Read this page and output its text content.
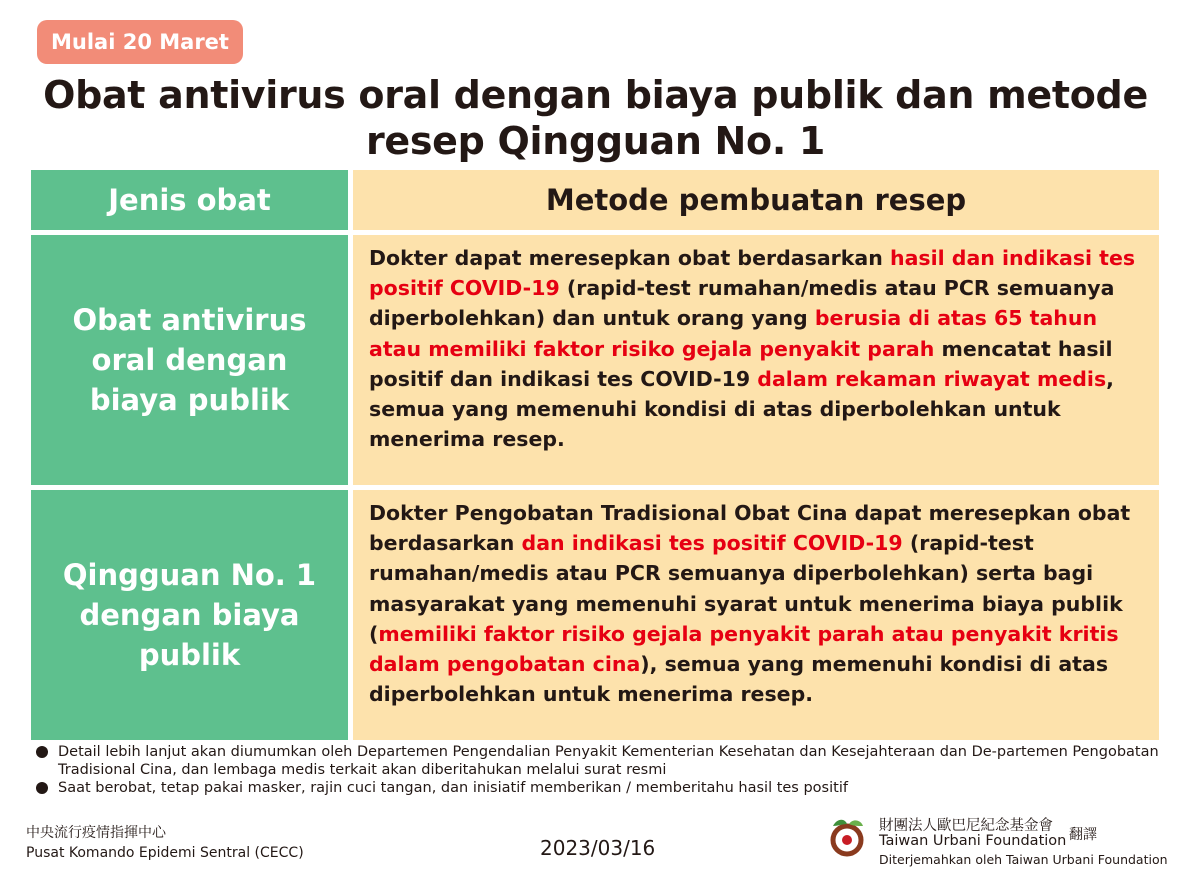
Mulai 20 Maret
Obat antivirus oral dengan biaya publik dan metode
resep Qingguan No. 1
Jenis obat	Metode pembuatan resep
Obat antivirus
oral dengan
biaya publik
Dokter dapat meresepkan obat berdasarkan hasil dan indikasi tes positif COVID-19 (rapid-test rumahan/medis atau PCR semuanya diperbolehkan) dan untuk orang yang berusia di atas 65 tahun atau memiliki faktor risiko gejala penyakit parah mencatat hasil positif dan indikasi tes COVID-19 dalam rekaman riwayat medis, semua yang memenuhi kondisi di atas diperbolehkan untuk menerima resep.
Qingguan No. 1
dengan biaya
publik
Dokter Pengobatan Tradisional Obat Cina dapat meresepkan obat berdasarkan dan indikasi tes positif COVID-19 (rapid-test rumahan/medis atau PCR semuanya diperbolehkan) serta bagi masyarakat yang memenuhi syarat untuk menerima biaya publik (memiliki faktor risiko gejala penyakit parah atau penyakit kritis dalam pengobatan cina), semua yang memenuhi kondisi di atas diperbolehkan untuk menerima resep.
Detail lebih lanjut akan diumumkan oleh Departemen Pengendalian Penyakit Kementerian Kesehatan dan Kesejahteraan dan De-partemen Pengobatan Tradisional Cina, dan lembaga medis terkait akan diberitahukan melalui surat resmi
Saat berobat, tetap pakai masker, rajin cuci tangan, dan inisiatif memberikan / memberitahu hasil tes positif
中央流行疫情指揮中心
Pusat Komando Epidemi Sentral (CECC)	2023/03/16
財團法人歐巴尼紀念基金會
Taiwan Urbani Foundation 翻譯
Diterjemahkan oleh Taiwan Urbani Foundation
